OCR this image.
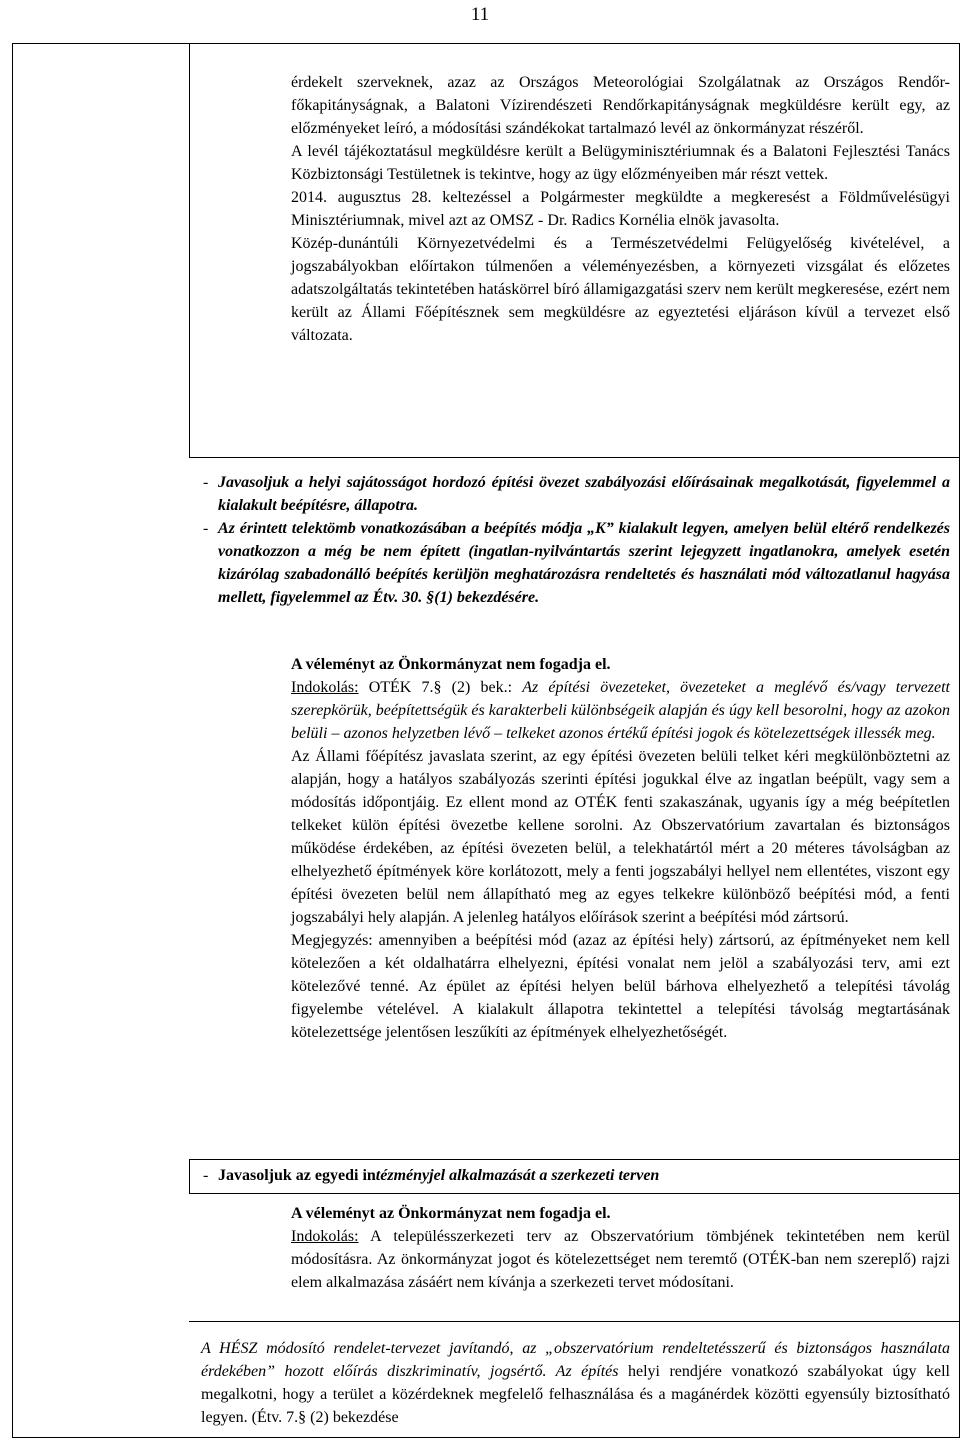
11

érdekelt szerveknek, azaz az Országos Meteorológiai Szolgálatnak az Országos Rendőr-főkapitányságnak, a Balatoni Vízirendészeti Rendőrkapitányságnak megküldésre került egy, az előzményeket leíró, a módosítási szándékokat tartalmazó levél az önkormányzat részéről.

A levél tájékoztatásul megküldésre került a Belügyminisztériumnak és a Balatoni Fejlesztési Tanács Közbiztonsági Testületnek is tekintve, hogy az ügy előzményeiben már részt vettek.

2014. augusztus 28. keltezéssel a Polgármester megküldte a megkeresést a Földművelésügyi Minisztériumnak, mivel azt az OMSZ - Dr. Radics Kornélia elnök javasolta.

Közép-dunántúli Környezetvédelmi és a Természetvédelmi Felügyelőség kivételével, a jogszabályokban előírtakon túlmenően a véleményezésben, a környezeti vizsgálat és előzetes adatszolgáltatás tekintetében hatáskörrel bíró államigazgatási szerv nem került megkeresése, ezért nem került az Állami Főépítésznek sem megküldésre az egyeztetési eljáráson kívül a tervezet első változata.

- Javasoljuk a helyi sajátosságot hordozó építési övezet szabályozási előírásainak megalkotását, figyelemmel a kialakult beépítésre, állapotra.
- Az érintett telektömb vonatkozásában a beépítés módja „K” kialakult legyen, amelyen belül eltérő rendelkezés vonatkozzon a még be nem épített (ingatlan-nyilvántartás szerint lejegyzett ingatlanokra, amelyek esetén kizárólag szabadonálló beépítés kerüljön meghatározásra rendeltetés és használati mód változatlanul hagyása mellett, figyelemmel az Étv. 30. §(1) bekezdésére.

A véleményt az Önkormányzat nem fogadja el.

Indokolás: OTÉK 7.§ (2) bek.: Az építési övezeteket, övezeteket a meglévő és/vagy tervezett szerepkörük, beépítettségük és karakterbeli különbségeik alapján és úgy kell besorolni, hogy az azokon belüli – azonos helyzetben lévő – telkeket azonos értékű építési jogok és kötelezettségek illessék meg.

Az Állami főépítész javaslata szerint, az egy építési övezeten belüli telket kéri megkülönböztetni az alapján, hogy a hatályos szabályozás szerinti építési jogukkal élve az ingatlan beépült, vagy sem a módosítás időpontjáig. Ez ellent mond az OTÉK fenti szakaszának, ugyanis így a még beépítetlen telkeket külön építési övezetbe kellene sorolni. Az Obszervatórium zavartalan és biztonságos működése érdekében, az építési övezeten belül, a telekhatártól mért a 20 méteres távolságban az elhelyezhető építmények köre korlátozott, mely a fenti jogszabályi hellyel nem ellentétes, viszont egy építési övezeten belül nem állapítható meg az egyes telkekre különböző beépítési mód, a fenti jogszabályi hely alapján. A jelenleg hatályos előírások szerint a beépítési mód zártsorú.

Megjegyzés: amennyiben a beépítési mód (azaz az építési hely) zártsorú, az építményeket nem kell kötelezően a két oldalhatárra elhelyezni, építési vonalat nem jelöl a szabályozási terv, ami ezt kötelezővé tenné. Az épület az építési helyen belül bárhova elhelyezhető a telepítési távolág figyelembe vételével. A kialakult állapotra tekintettel a telepítési távolság megtartásának kötelezettsége jelentősen leszűkíti az építmények elhelyezhetőségét.

- Javasoljuk az egyedi intézményjel alkalmazását a szerkezeti terven

A véleményt az Önkormányzat nem fogadja el.

Indokolás: A településszerkezeti terv az Obszervatórium tömbjének tekintetében nem kerül módosításra. Az önkormányzat jogot és kötelezettséget nem teremtő (OTÉK-ban nem szereplő) rajzi elem alkalmazása zásáért nem kívánja a szerkezeti tervet módosítani.

A HÉSZ módosító rendelet-tervezet javítandó, az „obszervatórium rendeltetésszerű és biztonságos használata érdekében” hozott előírás diszkriminatív, jogsértő. Az építés helyi rendjére vonatkozó szabályokat úgy kell megalkotni, hogy a terület a közérdeknek megfelelő felhasználása és a magánérdek közötti egyensúly biztosítható legyen. (Étv. 7.§ (2) bekezdése
